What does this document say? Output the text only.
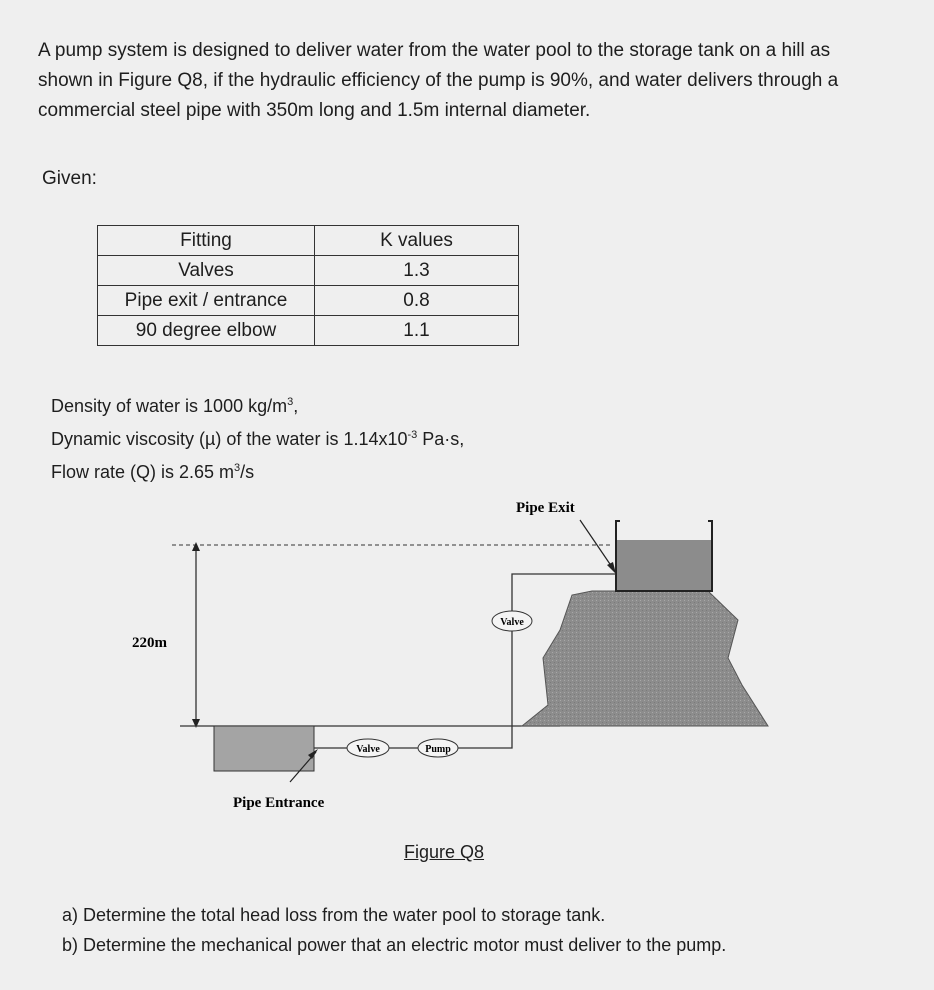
A pump system is designed to deliver water from the water pool to the storage tank on a hill as shown in Figure Q8, if the hydraulic efficiency of the pump is 90%, and water delivers through a commercial steel pipe with 350m long and 1.5m internal diameter.

Given:
Fitting	K values
Valves	1.3
Pipe exit / entrance	0.8
90 degree elbow	1.1
Density of water is 1000 $kg/m^3$,
Dynamic viscosity (µ) of the water is $1.14x10^{-3}$ Pa·s,
Flow rate (Q) is 2.65 $m^3/s$
220m
Valve	Pump
Valve
Pipe Exit
Pipe Entrance
Figure Q8
a) Determine the total head loss from the water pool to storage tank.
b) Determine the mechanical power that an electric motor must deliver to the pump.
